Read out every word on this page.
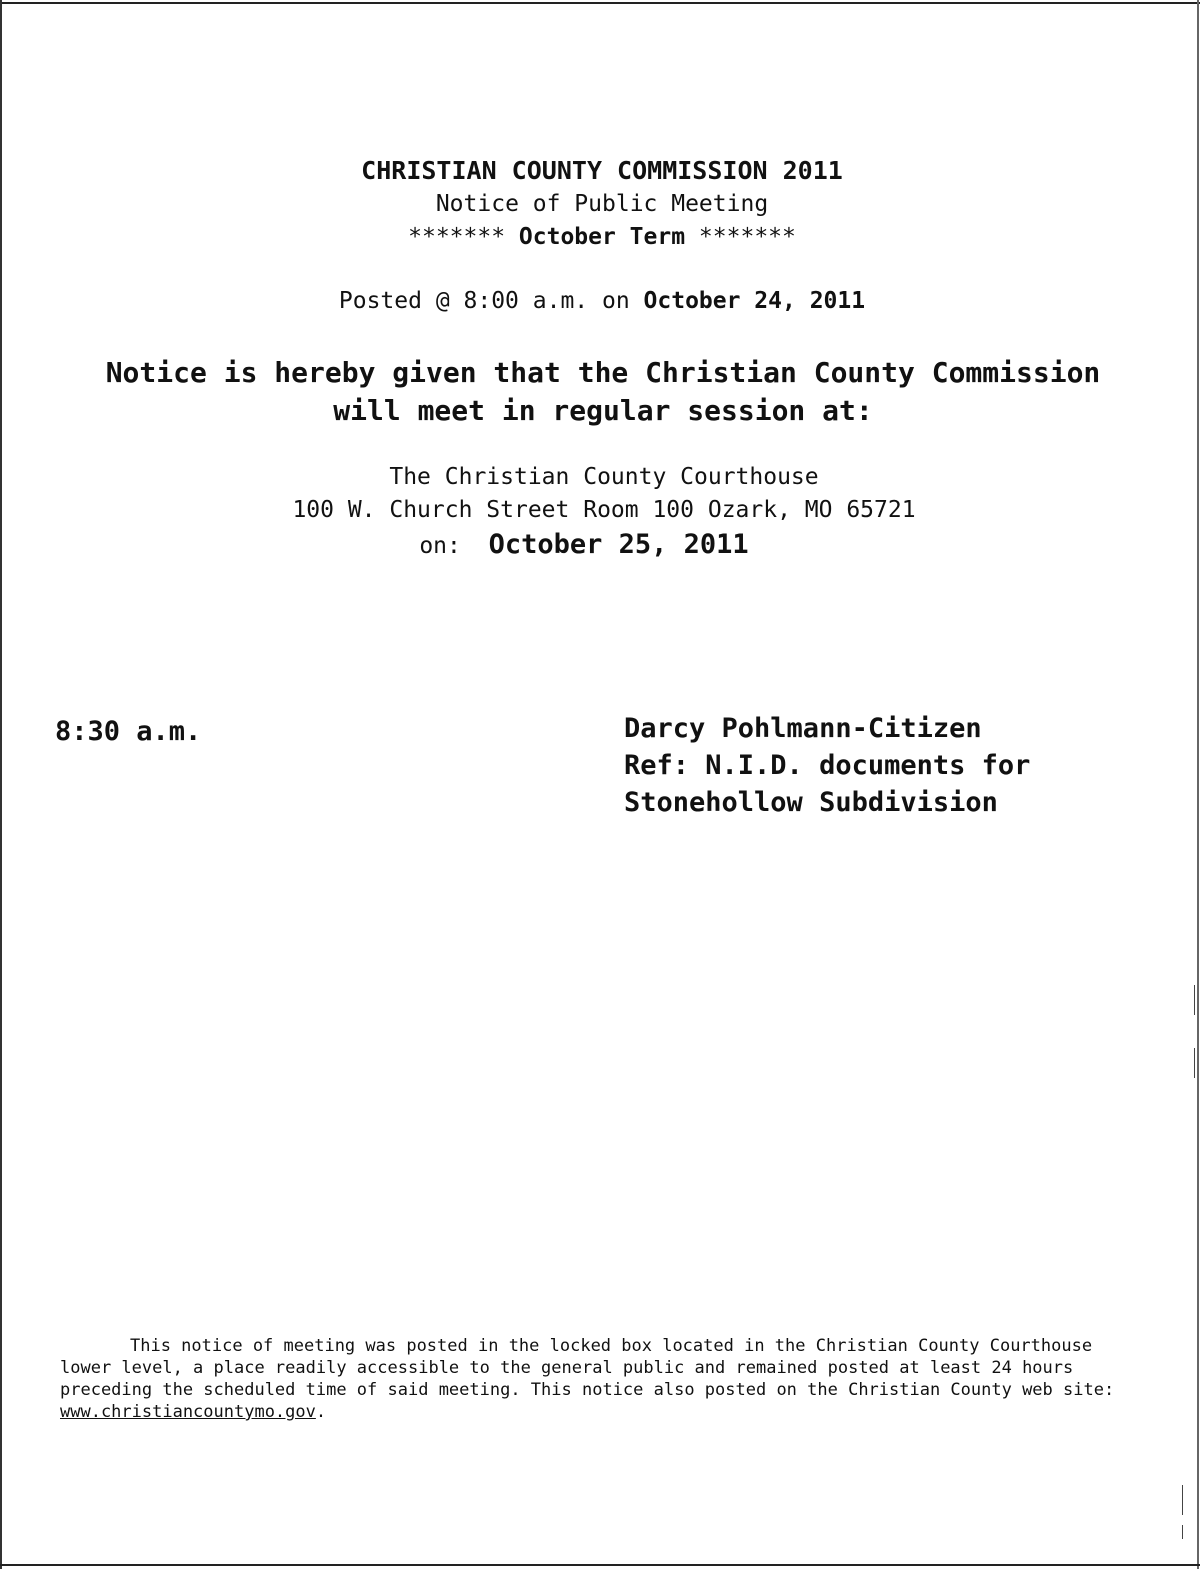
CHRISTIAN COUNTY COMMISSION 2011
Notice of Public Meeting
******* October Term *******
Posted @ 8:00 a.m. on October 24, 2011
Notice is hereby given that the Christian County Commission
will meet in regular session at:
The Christian County Courthouse
100 W. Church Street Room 100 Ozark, MO 65721
on: October 25, 2011
8:30 a.m.	Darcy Pohlmann-Citizen
Ref: N.I.D. documents for
Stonehollow Subdivision
This notice of meeting was posted in the locked box located in the Christian County Courthouse lower level, a place readily accessible to the general public and remained posted at least 24 hours preceding the scheduled time of said meeting. This notice also posted on the Christian County web site: www.christiancountymo.gov.
